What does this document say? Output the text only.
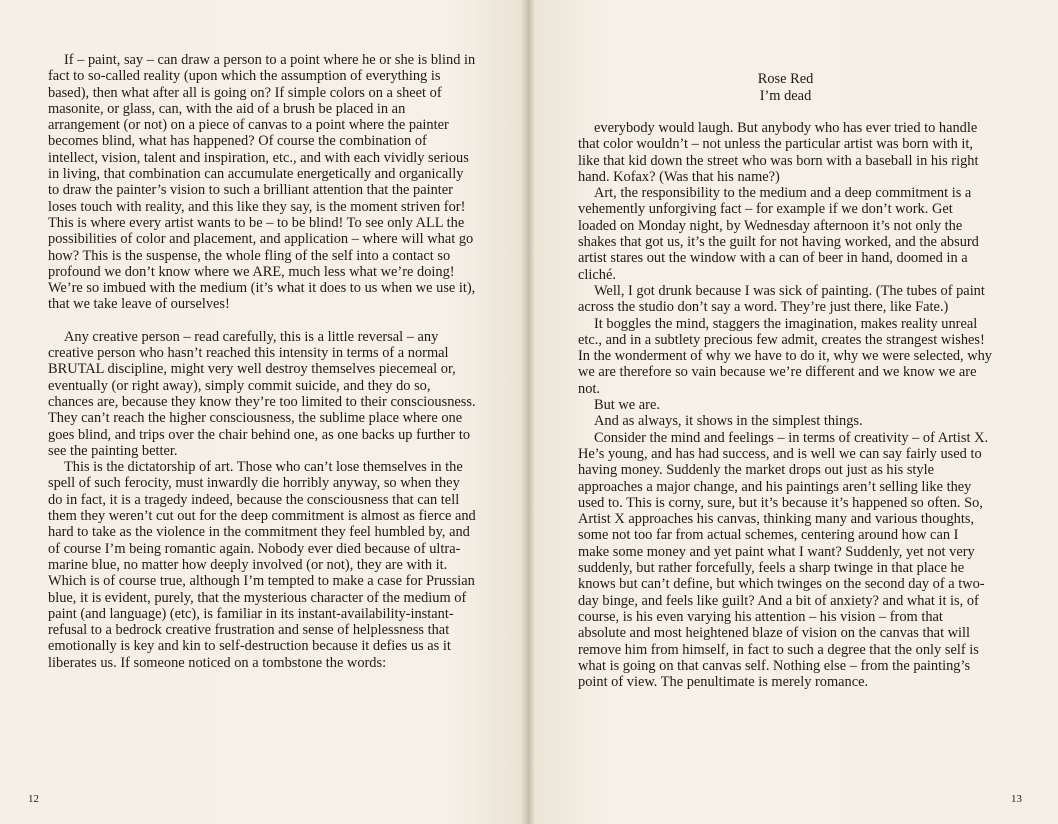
If – paint, say – can draw a person to a point where he or she is blind in fact to so-called reality (upon which the assumption of everything is based), then what after all is going on? If simple colors on a sheet of masonite, or glass, can, with the aid of a brush be placed in an arrangement (or not) on a piece of canvas to a point where the painter becomes blind, what has happened? Of course the combination of intellect, vision, talent and inspiration, etc., and with each vividly serious in living, that combination can accumulate energetically and organically to draw the painter’s vision to such a brilliant attention that the painter loses touch with reality, and this like they say, is the moment striven for! This is where every artist wants to be – to be blind! To see only ALL the possibilities of color and placement, and application – where will what go how? This is the suspense, the whole fling of the self into a contact so profound we don’t know where we ARE, much less what we’re doing! We’re so imbued with the medium (it’s what it does to us when we use it), that we take leave of ourselves!

Any creative person – read carefully, this is a little reversal – any creative person who hasn’t reached this intensity in terms of a normal BRUTAL discipline, might very well destroy themselves piecemeal or, eventually (or right away), simply commit suicide, and they do so, chances are, because they know they’re too limited to their consciousness. They can’t reach the higher consciousness, the sublime place where one goes blind, and trips over the chair behind one, as one backs up further to see the painting better.

This is the dictatorship of art. Those who can’t lose themselves in the spell of such ferocity, must inwardly die horribly anyway, so when they do in fact, it is a tragedy indeed, because the consciousness that can tell them they weren’t cut out for the deep commitment is almost as fierce and hard to take as the violence in the commitment they feel humbled by, and of course I’m being romantic again. Nobody ever died because of ultra-marine blue, no matter how deeply involved (or not), they are with it. Which is of course true, although I’m tempted to make a case for Prussian blue, it is evident, purely, that the mysterious character of the medium of paint (and language) (etc), is familiar in its instant-availability-instant-refusal to a bedrock creative frustration and sense of helplessness that emotionally is key and kin to self-destruction because it defies us as it liberates us. If someone noticed on a tombstone the words:

Rose Red
I’m dead

everybody would laugh. But anybody who has ever tried to handle that color wouldn’t – not unless the particular artist was born with it, like that kid down the street who was born with a baseball in his right hand. Kofax? (Was that his name?)

Art, the responsibility to the medium and a deep commitment is a vehemently unforgiving fact – for example if we don’t work. Get loaded on Monday night, by Wednesday afternoon it’s not only the shakes that got us, it’s the guilt for not having worked, and the absurd artist stares out the window with a can of beer in hand, doomed in a cliché.

Well, I got drunk because I was sick of painting. (The tubes of paint across the studio don’t say a word. They’re just there, like Fate.)

It boggles the mind, staggers the imagination, makes reality unreal etc., and in a subtlety precious few admit, creates the strangest wishes! In the wonderment of why we have to do it, why we were selected, why we are therefore so vain because we’re different and we know we are not.

But we are.

And as always, it shows in the simplest things.

Consider the mind and feelings – in terms of creativity – of Artist X. He’s young, and has had success, and is well we can say fairly used to having money. Suddenly the market drops out just as his style approaches a major change, and his paintings aren’t selling like they used to. This is corny, sure, but it’s because it’s happened so often. So, Artist X approaches his canvas, thinking many and various thoughts, some not too far from actual schemes, centering around how can I make some money and yet paint what I want? Suddenly, yet not very suddenly, but rather forcefully, feels a sharp twinge in that place he knows but can’t define, but which twinges on the second day of a two-day binge, and feels like guilt? And a bit of anxiety? and what it is, of course, is his even varying his attention – his vision – from that absolute and most heightened blaze of vision on the canvas that will remove him from himself, in fact to such a degree that the only self is what is going on that canvas self. Nothing else – from the painting’s point of view. The penultimate is merely romance.

12	13
